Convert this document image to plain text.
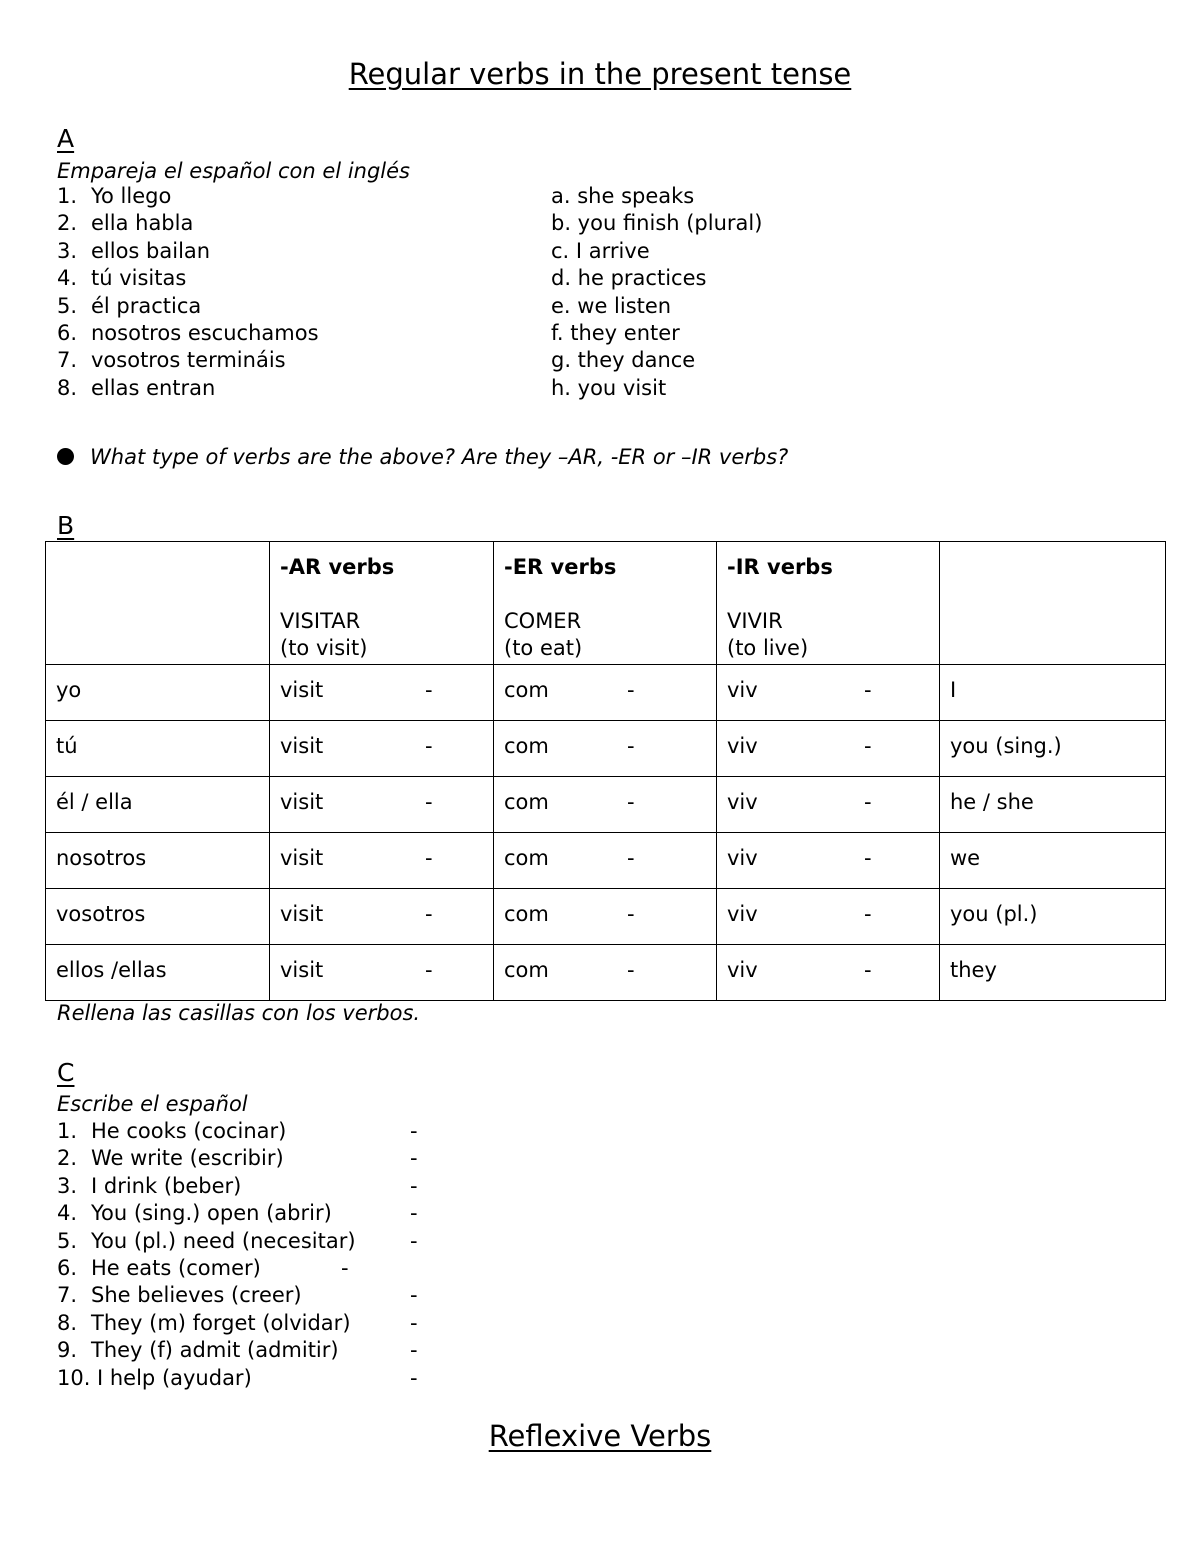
Regular verbs in the present tense
A
Empareja el español con el inglés
1. Yo llego
2. ella habla
3. ellos bailan
4. tú visitas
5. él practica
6. nosotros escuchamos
7. vosotros termináis
8. ellas entran
a. she speaks
b. you finish (plural)
c. I arrive
d. he practices
e. we listen
f. they enter
g. they dance
h. you visit
What type of verbs are the above? Are they –AR, -ER or –IR verbs?
B

	-AR verbs
VISITAR
(to visit)	-ER verbs
COMER
(to eat)	-IR verbs
VIVIR
(to live)	

yo	visit -	com -	viv -	I
tú	visit -	com -	viv -	you (sing.)
él / ella	visit -	com -	viv -	he / she
nosotros	visit -	com -	viv -	we
vosotros	visit -	com -	viv -	you (pl.)
ellos /ellas	visit -	com -	viv -	they
Rellena las casillas con los verbos.
C
Escribe el español
1. He cooks (cocinar)	-
2. We write (escribir)	-
3. I drink (beber)	-
4. You (sing.) open (abrir)	-
5. You (pl.) need (necesitar)	-
6. He eats (comer)	-
7. She believes (creer)	-
8. They (m) forget (olvidar)	-
9. They (f) admit (admitir)	-
10. I help (ayudar)	-
Reflexive Verbs
